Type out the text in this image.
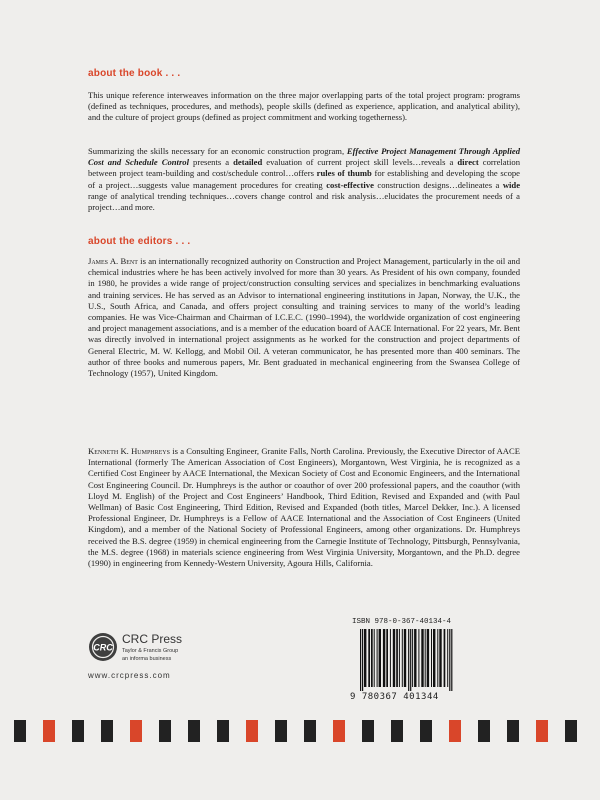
about the book . . .

This unique reference interweaves information on the three major overlapping parts of the total project program: programs (defined as techniques, procedures, and methods), people skills (defined as experience, application, and analytical ability), and the culture of project groups (defined as project commitment and working togetherness).

Summarizing the skills necessary for an economic construction program, Effective Project Management Through Applied Cost and Schedule Control presents a detailed evaluation of current project skill levels…reveals a direct correlation between project team-building and cost/schedule control…offers rules of thumb for establishing and developing the scope of a project…suggests value management procedures for creating cost-effective construction designs…delineates a wide range of analytical trending techniques…covers change control and risk analysis…elucidates the procurement needs of a project…and more.

about the editors . . .

James A. Bent is an internationally recognized authority on Construction and Project Management, particularly in the oil and chemical industries where he has been actively involved for more than 30 years. As President of his own company, founded in 1980, he provides a wide range of project/construction consulting services and specializes in benchmarking evaluations and training services. He has served as an Advisor to international engineering institutions in Japan, Norway, the U.K., the U.S., South Africa, and Canada, and offers project consulting and training services to many of the world’s leading companies. He was Vice-Chairman and Chairman of I.C.E.C. (1990–1994), the worldwide organization of cost engineering and project management associations, and is a member of the education board of AACE International. For 22 years, Mr. Bent was directly involved in international project assignments as he worked for the construction and project departments of General Electric, M. W. Kellogg, and Mobil Oil. A veteran communicator, he has presented more than 400 seminars. The author of three books and numerous papers, Mr. Bent graduated in mechanical engineering from the Swansea College of Technology (1957), United Kingdom.

Kenneth K. Humphreys is a Consulting Engineer, Granite Falls, North Carolina. Previously, the Executive Director of AACE International (formerly The American Association of Cost Engineers), Morgantown, West Virginia, he is recognized as a Certified Cost Engineer by AACE International, the Mexican Society of Cost and Economic Engineers, and the International Cost Engineering Council. Dr. Humphreys is the author or coauthor of over 200 professional papers, and the coauthor (with Lloyd M. English) of the Project and Cost Engineers’ Handbook, Third Edition, Revised and Expanded and (with Paul Wellman) of Basic Cost Engineering, Third Edition, Revised and Expanded (both titles, Marcel Dekker, Inc.). A licensed Professional Engineer, Dr. Humphreys is a Fellow of AACE International and the Association of Cost Engineers (United Kingdom), and a member of the National Society of Professional Engineers, among other organizations. Dr. Humphreys received the B.S. degree (1959) in chemical engineering from the Carnegie Institute of Technology, Pittsburgh, Pennsylvania, the M.S. degree (1968) in materials science engineering from West Virginia University, Morgantown, and the Ph.D. degree (1990) in engineering from Kennedy-Western University, Agoura Hills, California.

CRC
CRC Press
Taylor & Francis Group
an informa business
www.crcpress.com
ISBN 978-0-367-40134-4
9 780367 401344
